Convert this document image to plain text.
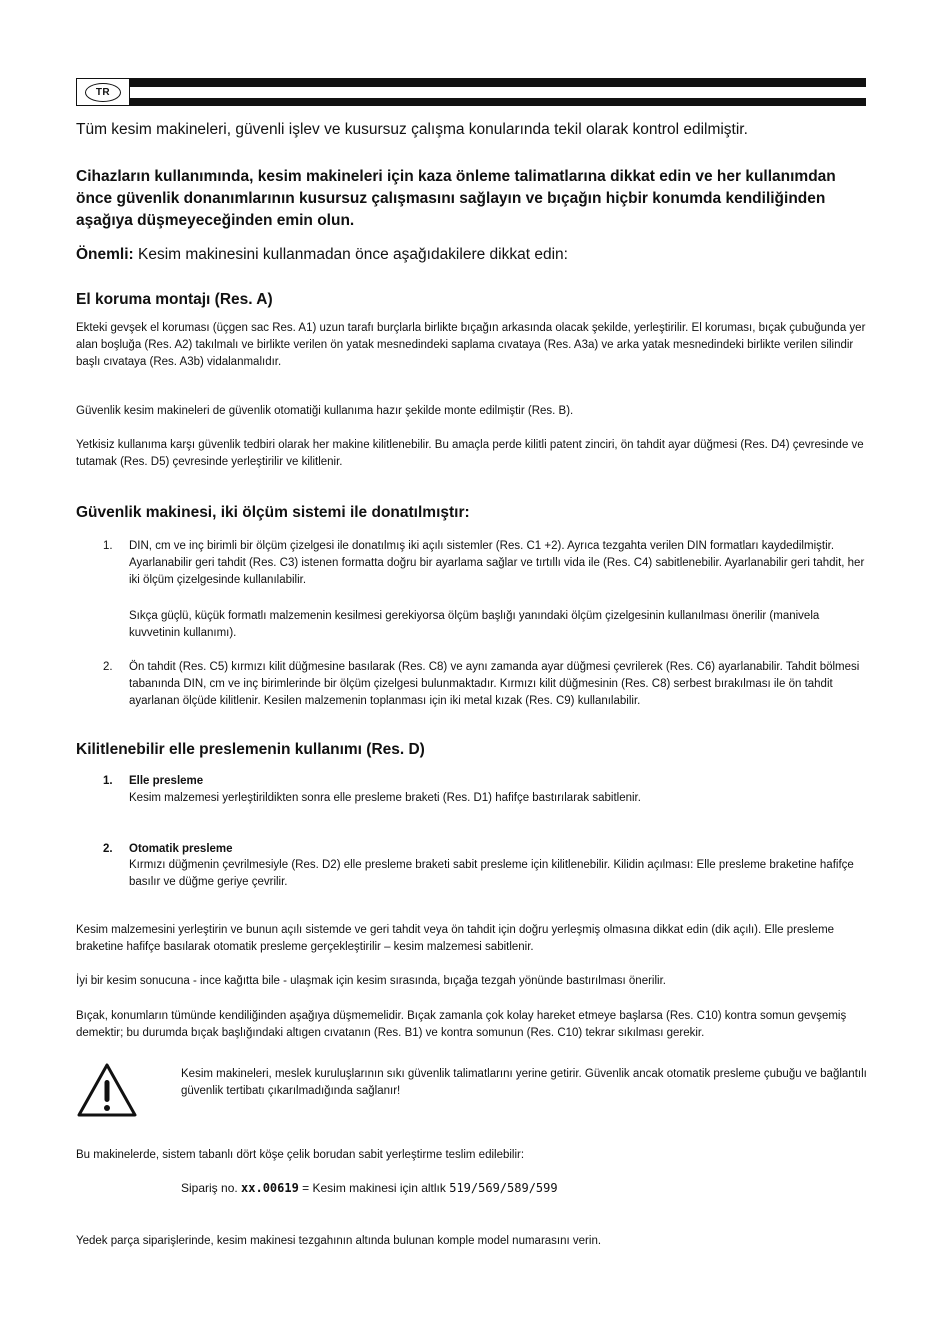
TR
Tüm kesim makineleri, güvenli işlev ve kusursuz çalışma konularında tekil olarak kontrol edilmiştir.
Cihazların kullanımında, kesim makineleri için kaza önleme talimatlarına dikkat edin ve her kullanımdan önce güvenlik donanımlarının kusursuz çalışmasını sağlayın ve bıçağın hiçbir konumda kendiliğinden aşağıya düşmeyeceğinden emin olun.
Önemli: Kesim makinesini kullanmadan önce aşağıdakilere dikkat edin:
El koruma montajı (Res. A)
Ekteki gevşek el koruması (üçgen sac Res. A1) uzun tarafı burçlarla birlikte bıçağın arkasında olacak şekilde, yerleştirilir. El koruması, bıçak çubuğunda yer alan boşluğa (Res. A2) takılmalı ve birlikte verilen ön yatak mesnedindeki saplama cıvataya (Res. A3a) ve arka yatak mesnedindeki birlikte verilen silindir başlı cıvataya (Res. A3b) vidalanmalıdır.
Güvenlik kesim makineleri de güvenlik otomatiği kullanıma hazır şekilde monte edilmiştir (Res. B).
Yetkisiz kullanıma karşı güvenlik tedbiri olarak her makine kilitlenebilir. Bu amaçla perde kilitli patent zinciri, ön tahdit ayar düğmesi (Res. D4) çevresinde ve tutamak (Res. D5) çevresinde yerleştirilir ve kilitlenir.
Güvenlik makinesi, iki ölçüm sistemi ile donatılmıştır:
1. DIN, cm ve inç birimli bir ölçüm çizelgesi ile donatılmış iki açılı sistemler (Res. C1 +2). Ayrıca tezgahta verilen DIN formatları kaydedilmiştir. Ayarlanabilir geri tahdit (Res. C3) istenen formatta doğru bir ayarlama sağlar ve tırtıllı vida ile (Res. C4) sabitlenebilir. Ayarlanabilir geri tahdit, her iki ölçüm çizelgesinde kullanılabilir.
Sıkça güçlü, küçük formatlı malzemenin kesilmesi gerekiyorsa ölçüm başlığı yanındaki ölçüm çizelgesinin kullanılması önerilir (manivela kuvvetinin kullanımı).
2. Ön tahdit (Res. C5) kırmızı kilit düğmesine basılarak (Res. C8) ve aynı zamanda ayar düğmesi çevrilerek (Res. C6) ayarlanabilir. Tahdit bölmesi tabanında DIN, cm ve inç birimlerinde bir ölçüm çizelgesi bulunmaktadır. Kırmızı kilit düğmesinin (Res. C8) serbest bırakılması ile ön tahdit ayarlanan ölçüde kilitlenir. Kesilen malzemenin toplanması için iki metal kızak (Res. C9) kullanılabilir.
Kilitlenebilir elle preslemenin kullanımı (Res. D)
1. Elle presleme
Kesim malzemesi yerleştirildikten sonra elle presleme braketi (Res. D1) hafifçe bastırılarak sabitlenir.
2. Otomatik presleme
Kırmızı düğmenin çevrilmesiyle (Res. D2) elle presleme braketi sabit presleme için kilitlenebilir. Kilidin açılması: Elle presleme braketine hafifçe basılır ve düğme geriye çevrilir.
Kesim malzemesini yerleştirin ve bunun açılı sistemde ve geri tahdit veya ön tahdit için doğru yerleşmiş olmasına dikkat edin (dik açılı). Elle presleme braketine hafifçe basılarak otomatik presleme gerçekleştirilir – kesim malzemesi sabitlenir.
İyi bir kesim sonucuna - ince kağıtta bile - ulaşmak için kesim sırasında, bıçağa tezgah yönünde bastırılması önerilir.
Bıçak, konumların tümünde kendiliğinden aşağıya düşmemelidir. Bıçak zamanla çok kolay hareket etmeye başlarsa (Res. C10) kontra somun gevşemiş demektir; bu durumda bıçak başlığındaki altıgen cıvatanın (Res. B1) ve kontra somunun (Res. C10) tekrar sıkılması gerekir.
Kesim makineleri, meslek kuruluşlarının sıkı güvenlik talimatlarını yerine getirir. Güvenlik ancak otomatik presleme çubuğu ve bağlantılı güvenlik tertibatı çıkarılmadığında sağlanır!
Bu makinelerde, sistem tabanlı dört köşe çelik borudan sabit yerleştirme teslim edilebilir:
Sipariş no. xx.00619 = Kesim makinesi için altlık 519/569/589/599
Yedek parça siparişlerinde, kesim makinesi tezgahının altında bulunan komple model numarasını verin.
